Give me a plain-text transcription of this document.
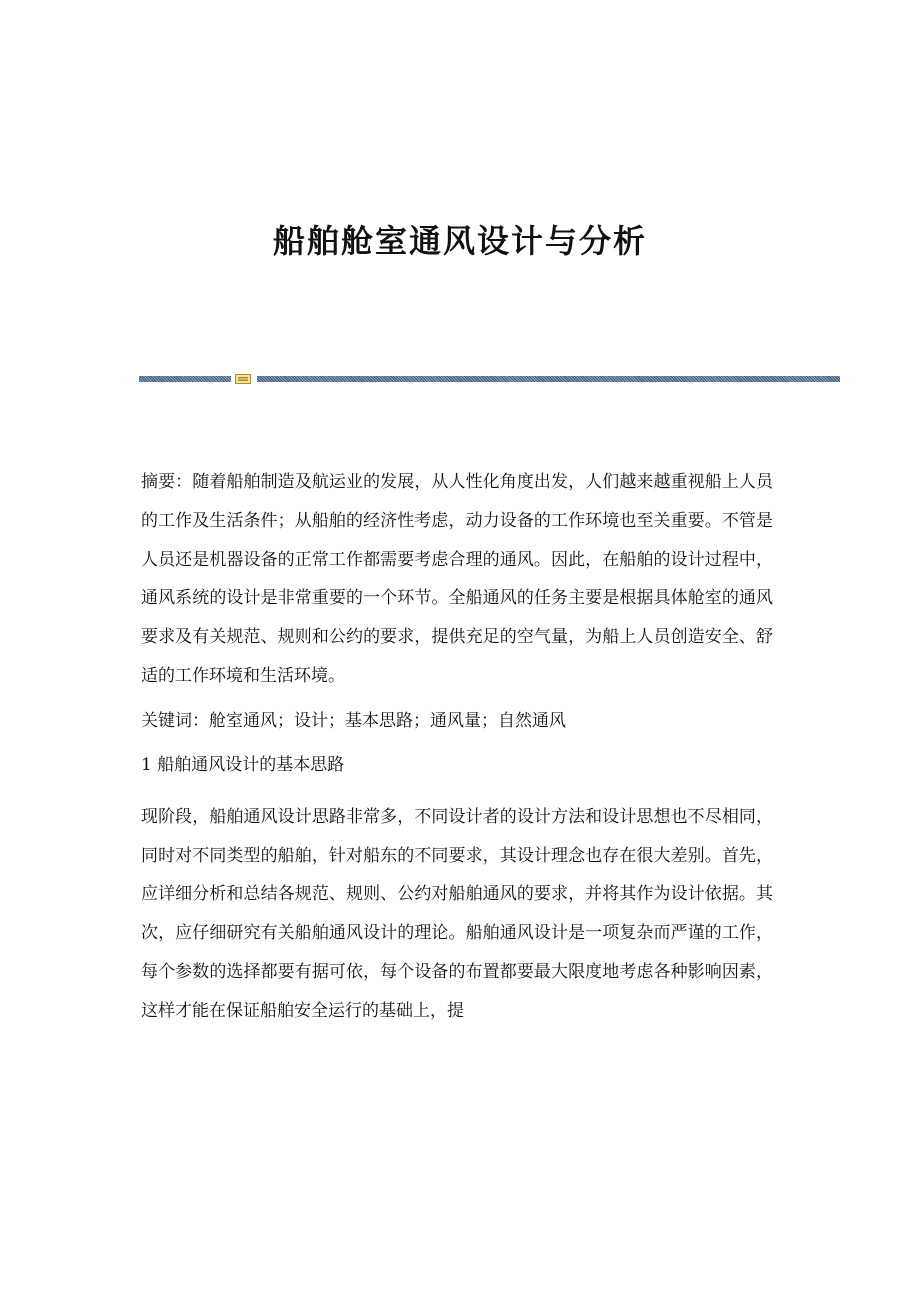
船舶舱室通风设计与分析

摘要：随着船舶制造及航运业的发展，从人性化角度出发，人们越来越重视船上人员的工作及生活条件；从船舶的经济性考虑，动力设备的工作环境也至关重要。不管是人员还是机器设备的正常工作都需要考虑合理的通风。因此，在船舶的设计过程中，通风系统的设计是非常重要的一个环节。全船通风的任务主要是根据具体舱室的通风要求及有关规范、规则和公约的要求，提供充足的空气量，为船上人员创造安全、舒适的工作环境和生活环境。

关键词：舱室通风；设计；基本思路；通风量；自然通风

1 船舶通风设计的基本思路

现阶段，船舶通风设计思路非常多，不同设计者的设计方法和设计思想也不尽相同，同时对不同类型的船舶，针对船东的不同要求，其设计理念也存在很大差别。首先，应详细分析和总结各规范、规则、公约对船舶通风的要求，并将其作为设计依据。其次，应仔细研究有关船舶通风设计的理论。船舶通风设计是一项复杂而严谨的工作，每个参数的选择都要有据可依，每个设备的布置都要最大限度地考虑各种影响因素，这样才能在保证船舶安全运行的基础上，提
